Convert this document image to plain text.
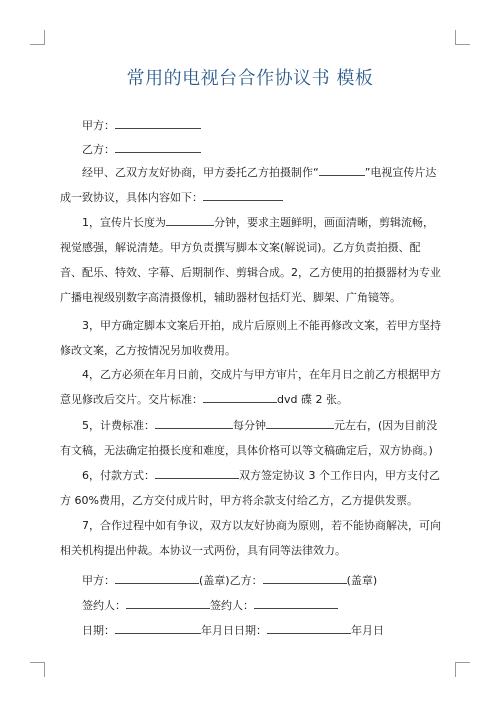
常用的电视台合作协议书 模板
甲方：
乙方：
经甲、乙双方友好协商，甲方委托乙方拍摄制作“	”电视宣传片达成一致协议，具体内容如下：
1，宣传片长度为	分钟，要求主题鲜明，画面清晰，剪辑流畅，视觉感强，解说清楚。甲方负责撰写脚本文案(解说词)。乙方负责拍摄、配音、配乐、特效、字幕、后期制作、剪辑合成。2，乙方使用的拍摄器材为专业广播电视级别数字高清摄像机，辅助器材包括灯光、脚架、广角镜等。
3，甲方确定脚本文案后开拍，成片后原则上不能再修改文案，若甲方坚持修改文案，乙方按情况另加收费用。
4，乙方必须在年月日前，交成片与甲方审片，在年月日之前乙方根据甲方意见修改后交片。交片标准：	dvd 碟 2 张。
5，计费标准：	每分钟	元左右，(因为目前没有文稿，无法确定拍摄长度和难度，具体价格可以等文稿确定后，双方协商。)
6，付款方式：	双方签定协议 3 个工作日内，甲方支付乙方 60%费用，乙方交付成片时，甲方将余款支付给乙方，乙方提供发票。
7，合作过程中如有争议，双方以友好协商为原则，若不能协商解决，可向相关机构提出仲裁。本协议一式两份，具有同等法律效力。
甲方：	(盖章)乙方：	(盖章)
签约人：	签约人：
日期：	年月日日期：	年月日
